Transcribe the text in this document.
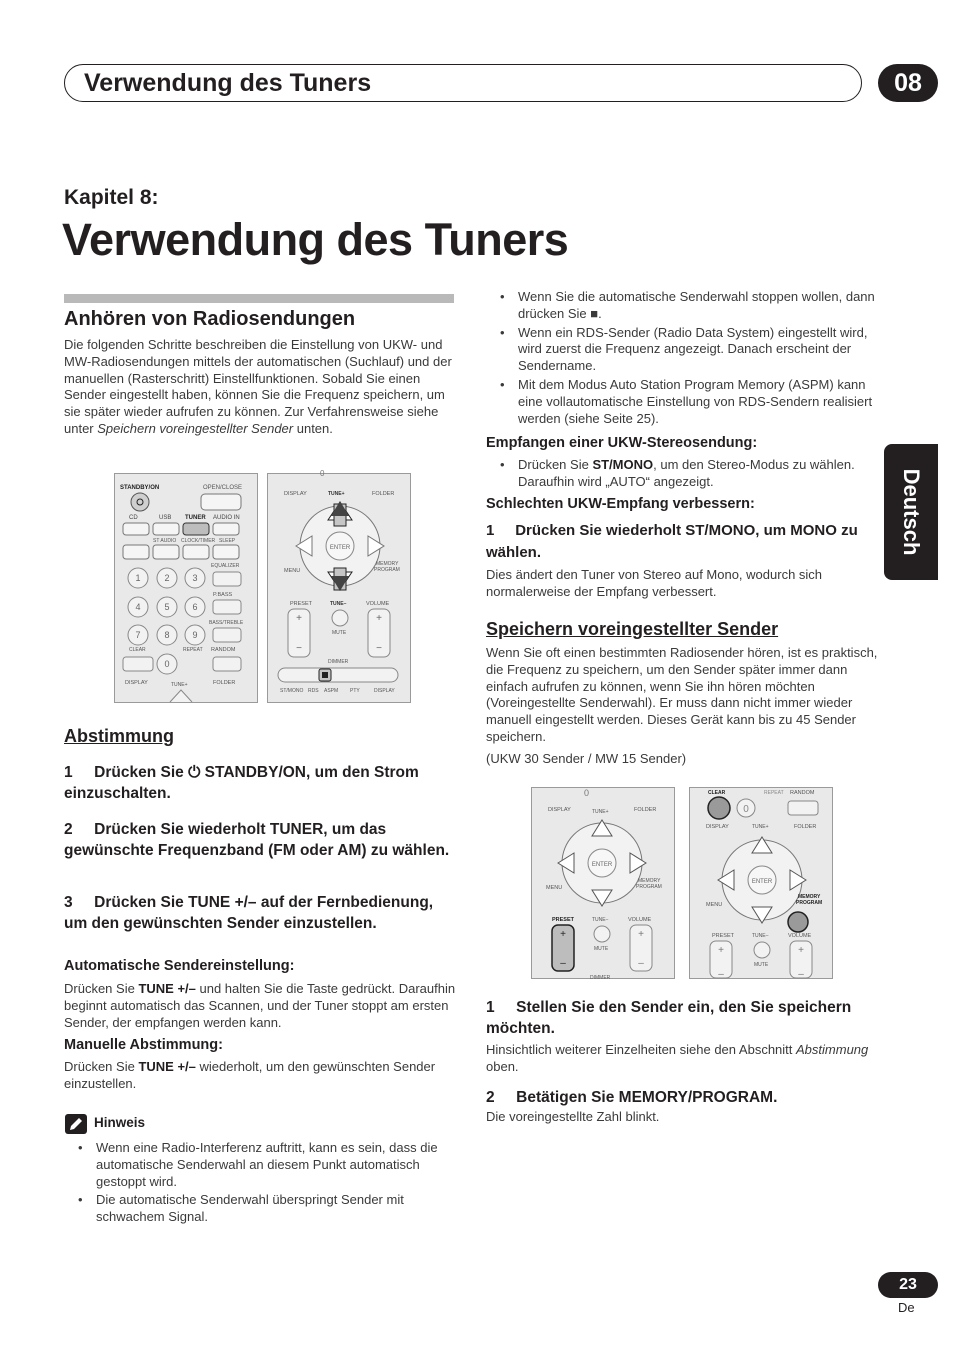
Verwendung des Tuners	08
Kapitel 8:
Verwendung des Tuners
Deutsch
Anhören von Radiosendungen
Die folgenden Schritte beschreiben die Einstellung von UKW- und MW-Radiosendungen mittels der automatischen (Suchlauf) und der manuellen (Rasterschritt) Einstellfunktionen. Sobald Sie einen Sender eingestellt haben, können Sie die Frequenz speichern, um sie später wieder aufrufen zu können. Zur Verfahrensweise siehe unter Speichern voreingestellter Sender unten.
STANDBY/ON	OPEN/CLOSE
CD	USB TUNER AUDIO IN
ST AUDIO CLOCK/TIMER SLEEP
EQUALIZER
P.BASS
BASS/TREBLE
1	2	3
4	5	6
7	8	9
0
CLEAR	REPEAT RANDOM
DISPLAY	TUNE+	FOLDER
0
DISPLAY	TUNE+	FOLDER
ENTER
MENU
MEMORY
PROGRAM
PRESET	TUNE−	VOLUME
+
−
+
−
MUTE
DIMMER
ST/MONO RDS ASPM PTY	DISPLAY
Abstimmung
1 Drücken Sie ⏻ STANDBY/ON, um den Strom einzuschalten.
2 Drücken Sie wiederholt TUNER, um das gewünschte Frequenzband (FM oder AM) zu wählen.
3 Drücken Sie TUNE +/– auf der Fernbedienung, um den gewünschten Sender einzustellen.
Automatische Sendereinstellung:
Drücken Sie TUNE +/– und halten Sie die Taste gedrückt. Daraufhin beginnt automatisch das Scannen, und der Tuner stoppt am ersten Sender, der empfangen werden kann.
Manuelle Abstimmung:
Drücken Sie TUNE +/– wiederholt, um den gewünschten Sender einzustellen.
Hinweis
• Wenn eine Radio-Interferenz auftritt, kann es sein, dass die automatische Senderwahl an diesem Punkt automatisch gestoppt wird.
• Die automatische Senderwahl überspringt Sender mit schwachem Signal.
• Wenn Sie die automatische Senderwahl stoppen wollen, dann drücken Sie ■.
• Wenn ein RDS-Sender (Radio Data System) eingestellt wird, wird zuerst die Frequenz angezeigt. Danach erscheint der Sendername.
• Mit dem Modus Auto Station Program Memory (ASPM) kann eine vollautomatische Einstellung von RDS-Sendern realisiert werden (siehe Seite 25).
Empfangen einer UKW-Stereosendung:
• Drücken Sie ST/MONO, um den Stereo-Modus zu wählen. Daraufhin wird „AUTO“ angezeigt.
Schlechten UKW-Empfang verbessern:
1 Drücken Sie wiederholt ST/MONO, um MONO zu wählen.
Dies ändert den Tuner von Stereo auf Mono, wodurch sich normalerweise der Empfang verbessert.
Speichern voreingestellter Sender
Wenn Sie oft einen bestimmten Radiosender hören, ist es praktisch, die Frequenz zu speichern, um den Sender später immer dann einfach aufrufen zu können, wenn Sie ihn hören möchten (Voreingestellte Senderwahl). Er muss dann nicht immer wieder manuell eingestellt werden. Dieses Gerät kann bis zu 45 Sender speichern.
(UKW 30 Sender / MW 15 Sender)
0
DISPLAY	TUNE+	FOLDER
ENTER
MENU
MEMORY
PROGRAM
PRESET	TUNE−	VOLUME
+
–
+
–
MUTE
DIMMER
CLEAR	REPEAT RANDOM
0
DISPLAY	TUNE+	FOLDER
ENTER
MENU
MEMORY
PROGRAM
PRESET	TUNE–	VOLUME
+
–
+
–
MUTE
1 Stellen Sie den Sender ein, den Sie speichern möchten.
Hinsichtlich weiterer Einzelheiten siehe den Abschnitt Abstimmung oben.
2 Betätigen Sie MEMORY/PROGRAM.
Die voreingestellte Zahl blinkt.
23
De
